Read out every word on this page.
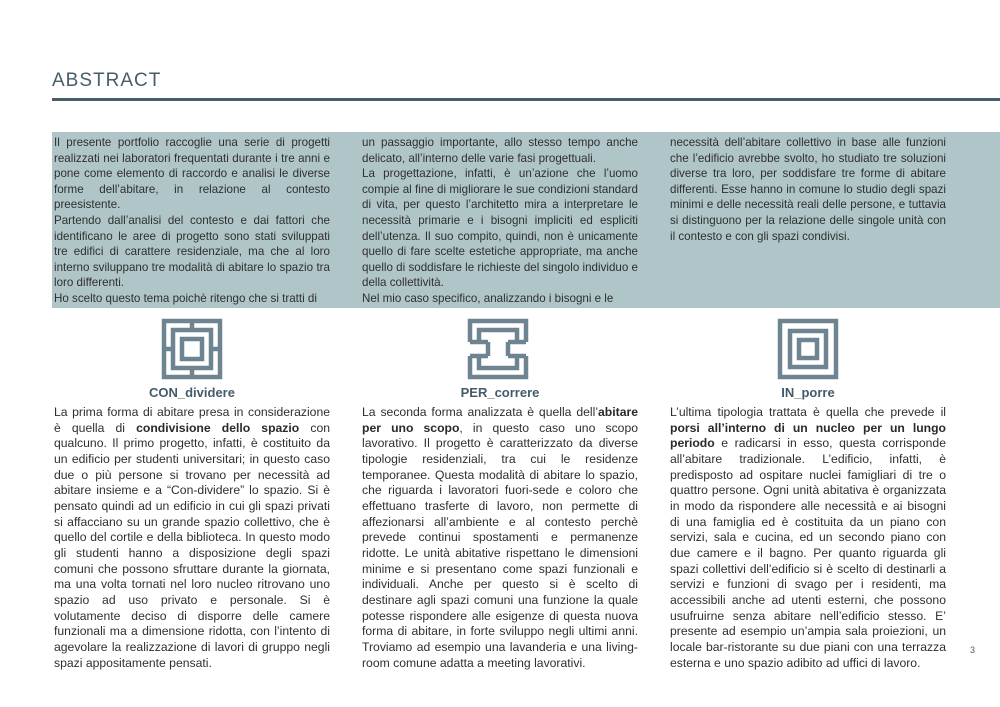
ABSTRACT

Il presente portfolio raccoglie una serie di progetti realizzati nei laboratori frequentati durante i tre anni e pone come elemento di raccordo e analisi le diverse forme dell’abitare, in relazione al contesto preesistente.

Partendo dall’analisi del contesto e dai fattori che identificano le aree di progetto sono stati sviluppati tre edifici di carattere residenziale, ma che al loro interno sviluppano tre modalità di abitare lo spazio tra loro differenti.

Ho scelto questo tema poichè ritengo che si tratti di

un passaggio importante, allo stesso tempo anche delicato, all’interno delle varie fasi progettuali.

La progettazione, infatti, è un’azione che l’uomo compie al fine di migliorare le sue condizioni standard di vita, per questo l’architetto mira a interpretare le necessità primarie e i bisogni impliciti ed espliciti dell’utenza. Il suo compito, quindi, non è unicamente quello di fare scelte estetiche appropriate, ma anche quello di soddisfare le richieste del singolo individuo e della collettività.

Nel mio caso specifico, analizzando i bisogni e le

necessità dell’abitare collettivo in base alle funzioni che l’edificio avrebbe svolto, ho studiato tre soluzioni diverse tra loro, per soddisfare tre forme di abitare differenti. Esse hanno in comune lo studio degli spazi minimi e delle necessità reali delle persone, e tuttavia si distinguono per la relazione delle singole unità con il contesto e con gli spazi condivisi.

CON_dividere	PER_correre	IN_porre

La prima forma di abitare presa in considerazione è quella di condivisione dello spazio con qualcuno. Il primo progetto, infatti, è costituito da un edificio per studenti universitari; in questo caso due o più persone si trovano per necessità ad abitare insieme e a “Con-dividere” lo spazio. Si è pensato quindi ad un edificio in cui gli spazi privati si affacciano su un grande spazio collettivo, che è quello del cortile e della biblioteca. In questo modo gli studenti hanno a disposizione degli spazi comuni che possono sfruttare durante la giornata, ma una volta tornati nel loro nucleo ritrovano uno spazio ad uso privato e personale. Si è volutamente deciso di disporre delle camere funzionali ma a dimensione ridotta, con l’intento di agevolare la realizzazione di lavori di gruppo negli spazi appositamente pensati.

La seconda forma analizzata è quella dell’abitare per uno scopo, in questo caso uno scopo lavorativo. Il progetto è caratterizzato da diverse tipologie residenziali, tra cui le residenze temporanee. Questa modalità di abitare lo spazio, che riguarda i lavoratori fuori-sede e coloro che effettuano trasferte di lavoro, non permette di affezionarsi all’ambiente e al contesto perchè prevede continui spostamenti e permanenze ridotte. Le unità abitative rispettano le dimensioni minime e si presentano come spazi funzionali e individuali. Anche per questo si è scelto di destinare agli spazi comuni una funzione la quale potesse rispondere alle esigenze di questa nuova forma di abitare, in forte sviluppo negli ultimi anni. Troviamo ad esempio una lavanderia e una living-room comune adatta a meeting lavorativi.

L’ultima tipologia trattata è quella che prevede il porsi all’interno di un nucleo per un lungo periodo e radicarsi in esso, questa corrisponde all’abitare tradizionale. L’edificio, infatti, è predisposto ad ospitare nuclei famigliari di tre o quattro persone. Ogni unità abitativa è organizzata in modo da rispondere alle necessità e ai bisogni di una famiglia ed è costituita da un piano con servizi, sala e cucina, ed un secondo piano con due camere e il bagno. Per quanto riguarda gli spazi collettivi dell’edificio si è scelto di destinarli a servizi e funzioni di svago per i residenti, ma accessibili anche ad utenti esterni, che possono usufruirne senza abitare nell’edificio stesso. E’ presente ad esempio un’ampia sala proiezioni, un locale bar-ristorante su due piani con una terrazza esterna e uno spazio adibito ad uffici di lavoro.

3
